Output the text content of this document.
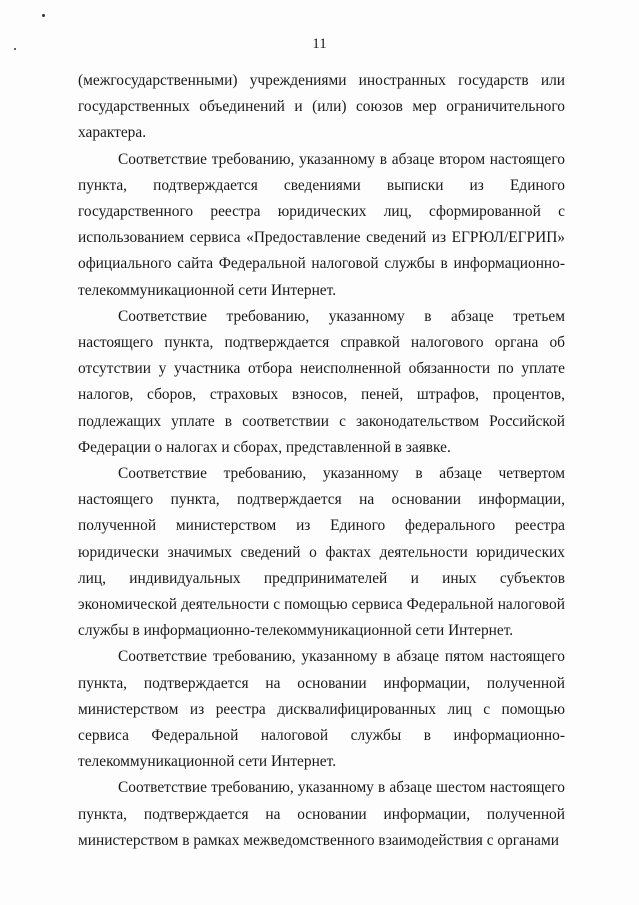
11

(межгосударственными) учреждениями иностранных государств или государственных объединений и (или) союзов мер ограничительного характера.

Соответствие требованию, указанному в абзаце втором настоящего пункта, подтверждается сведениями выписки из Единого государственного реестра юридических лиц, сформированной с использованием сервиса «Предоставление сведений из ЕГРЮЛ/ЕГРИП» официального сайта Федеральной налоговой службы в информационно-телекоммуникационной сети Интернет.

Соответствие требованию, указанному в абзаце третьем настоящего пункта, подтверждается справкой налогового органа об отсутствии у участника отбора неисполненной обязанности по уплате налогов, сборов, страховых взносов, пеней, штрафов, процентов, подлежащих уплате в соответствии с законодательством Российской Федерации о налогах и сборах, представленной в заявке.

Соответствие требованию, указанному в абзаце четвертом настоящего пункта, подтверждается на основании информации, полученной министерством из Единого федерального реестра юридически значимых сведений о фактах деятельности юридических лиц, индивидуальных предпринимателей и иных субъектов экономической деятельности с помощью сервиса Федеральной налоговой службы в информационно-телекоммуникационной сети Интернет.

Соответствие требованию, указанному в абзаце пятом настоящего пункта, подтверждается на основании информации, полученной министерством из реестра дисквалифицированных лиц с помощью сервиса Федеральной налоговой службы в информационно-телекоммуникационной сети Интернет.

Соответствие требованию, указанному в абзаце шестом настоящего пункта, подтверждается на основании информации, полученной министерством в рамках межведомственного взаимодействия с органами
